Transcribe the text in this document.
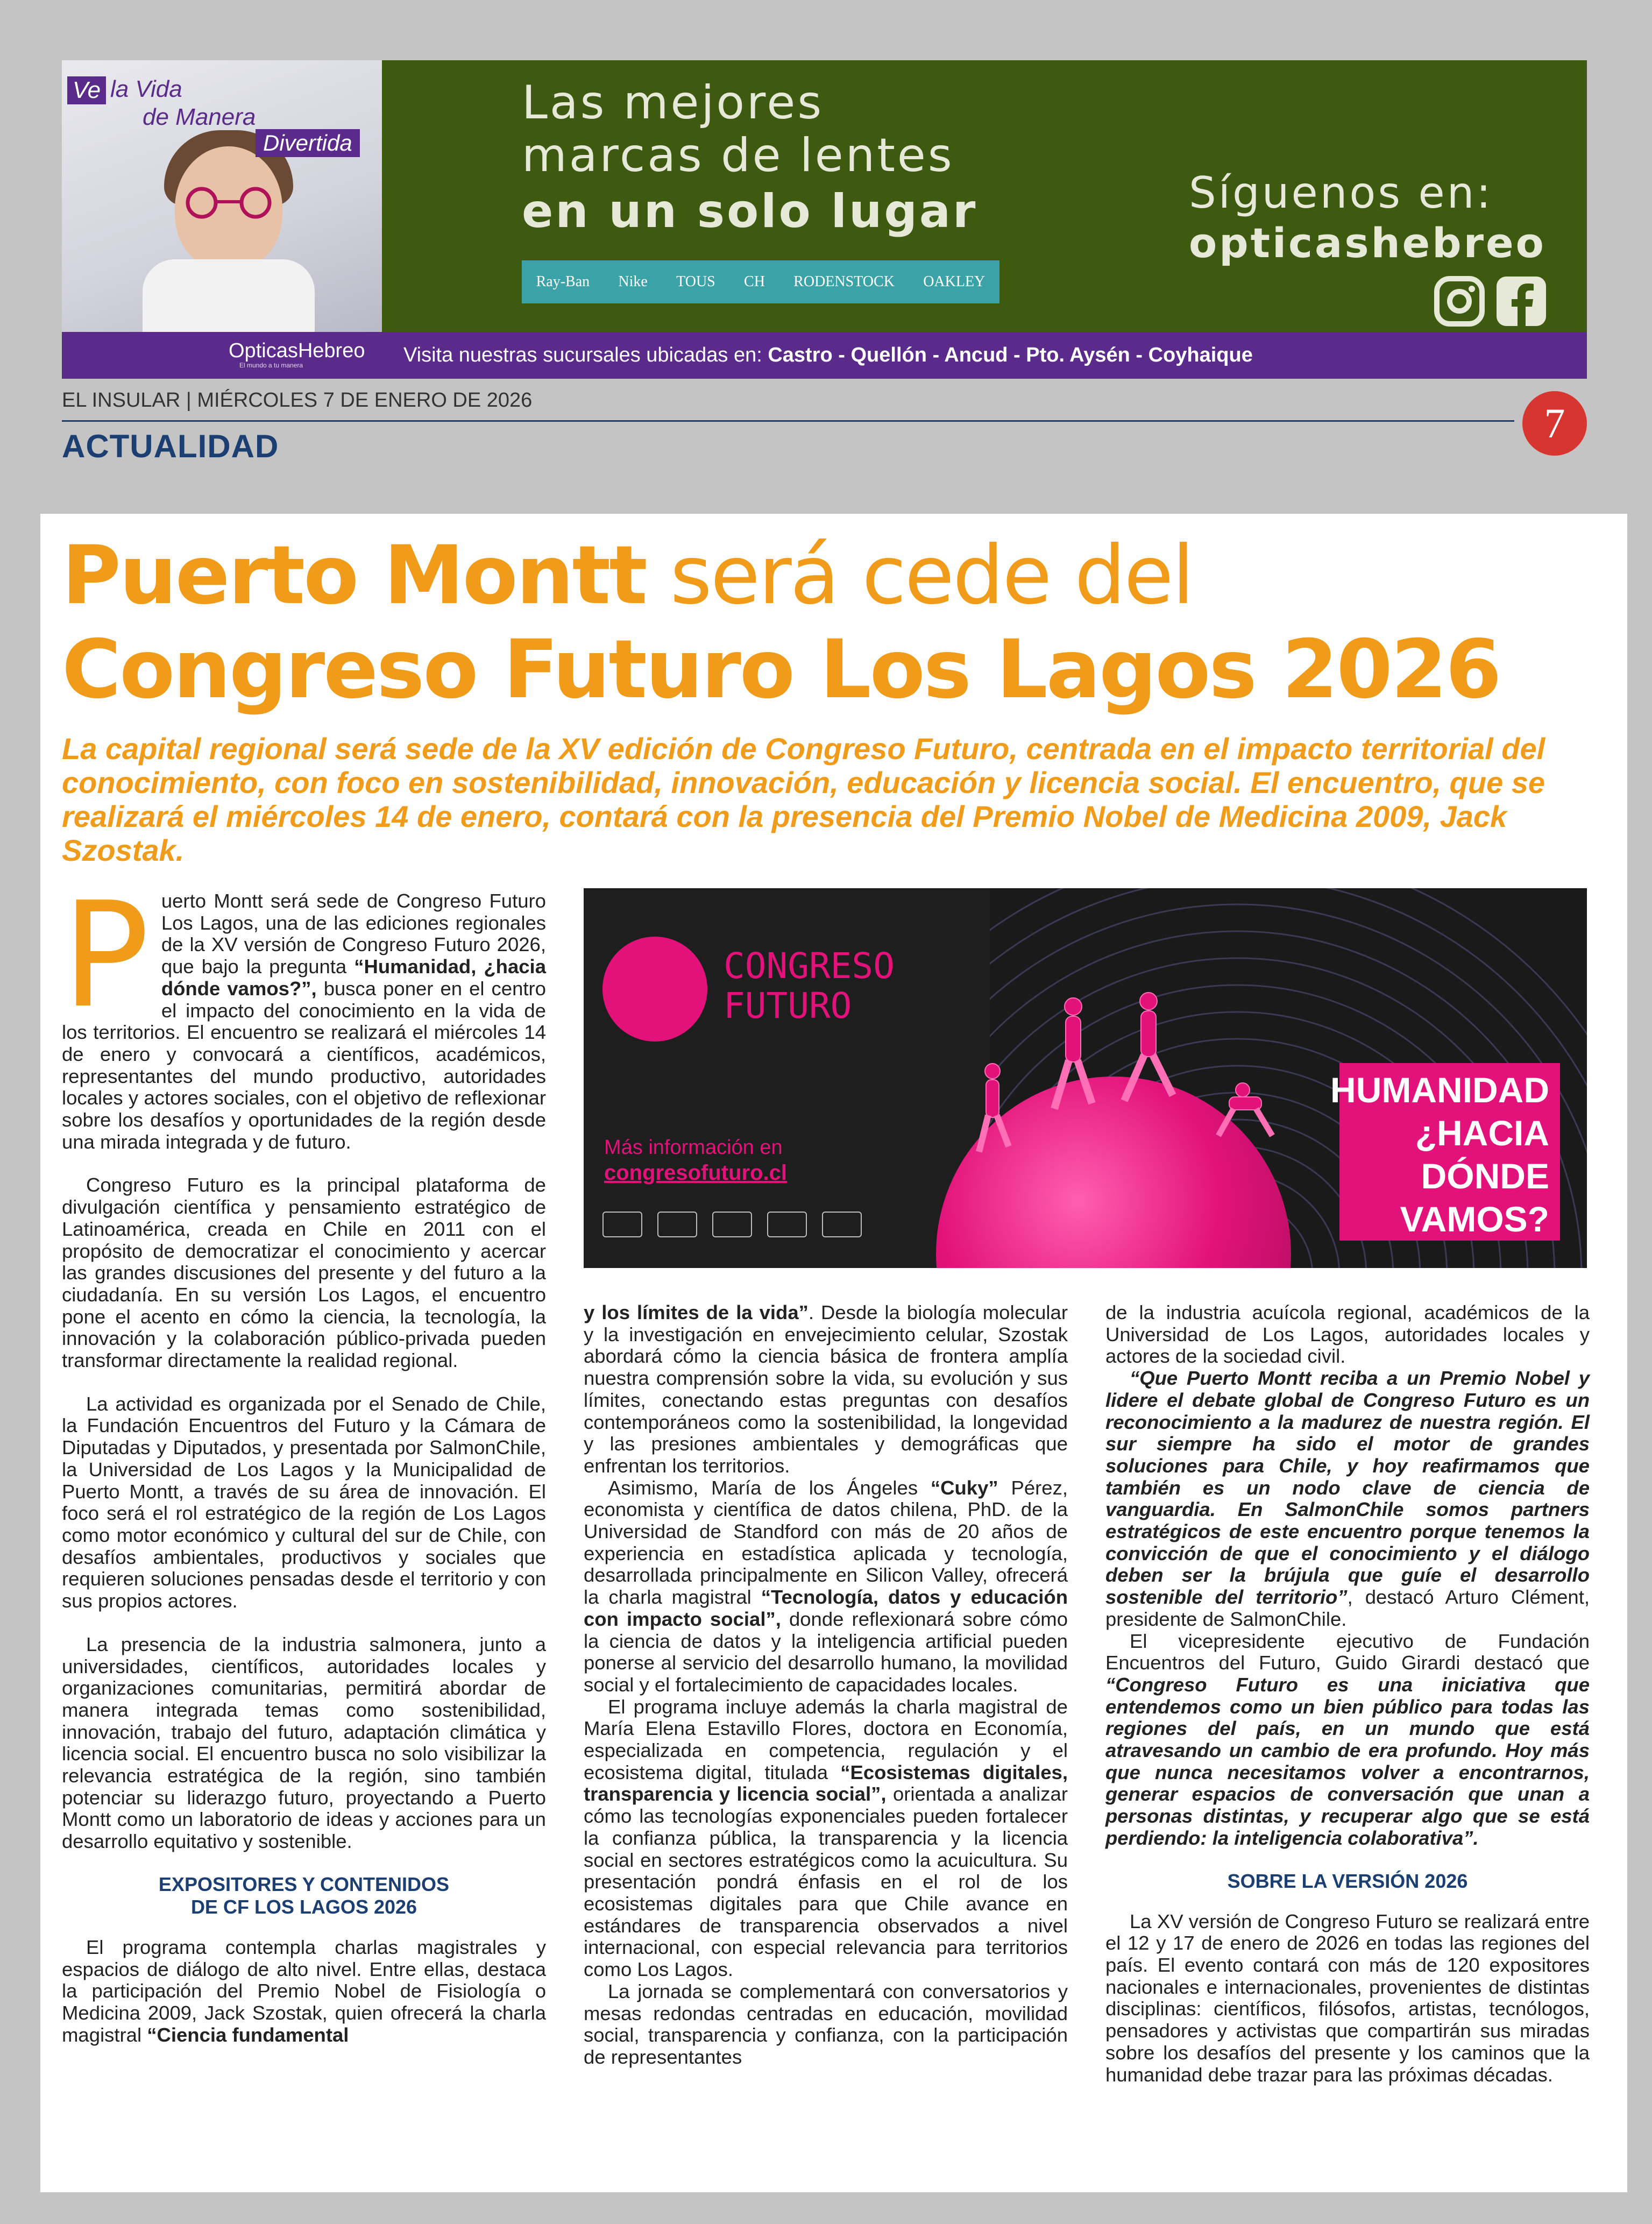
Ve la Vida
de Manera
Divertida
OpticasHebreo
El mundo a tu manera	Visita nuestras sucursales ubicadas en: Castro - Quellón - Ancud - Pto. Aysén - Coyhaique
Las mejores
marcas de lentes
en un solo lugar
Ray-Ban Nike TOUS CH RODENSTOCK OAKLEY
Síguenos en:
opticashebreo
EL INSULAR | MIÉRCOLES 7 DE ENERO DE 2026	7
ACTUALIDAD
Puerto Montt será cede del
Congreso Futuro Los Lagos 2026
La capital regional será sede de la XV edición de Congreso Futuro, centrada en el impacto territorial del conocimiento, con foco en sostenibilidad, innovación, educación y licencia social. El encuentro, que se realizará el miércoles 14 de enero, contará con la presencia del Premio Nobel de Medicina 2009, Jack Szostak.

Puerto Montt será sede de Congreso Futuro Los Lagos, una de las ediciones regionales de la XV versión de Congreso Futuro 2026, que bajo la pregunta “Humanidad, ¿hacia dónde vamos?”, busca poner en el centro el impacto del conocimiento en la vida de los territorios. El encuentro se realizará el miércoles 14 de enero y convocará a científicos, académicos, representantes del mundo productivo, autoridades locales y actores sociales, con el objetivo de reflexionar sobre los desafíos y oportunidades de la región desde una mirada integrada y de futuro.

Congreso Futuro es la principal plataforma de divulgación científica y pensamiento estratégico de Latinoamérica, creada en Chile en 2011 con el propósito de democratizar el conocimiento y acercar las grandes discusiones del presente y del futuro a la ciudadanía. En su versión Los Lagos, el encuentro pone el acento en cómo la ciencia, la tecnología, la innovación y la colaboración público-privada pueden transformar directamente la realidad regional.

La actividad es organizada por el Senado de Chile, la Fundación Encuentros del Futuro y la Cámara de Diputadas y Diputados, y presentada por SalmonChile, la Universidad de Los Lagos y la Municipalidad de Puerto Montt, a través de su área de innovación. El foco será el rol estratégico de la región de Los Lagos como motor económico y cultural del sur de Chile, con desafíos ambientales, productivos y sociales que requieren soluciones pensadas desde el territorio y con sus propios actores.

La presencia de la industria salmonera, junto a universidades, científicos, autoridades locales y organizaciones comunitarias, permitirá abordar de manera integrada temas como sostenibilidad, innovación, trabajo del futuro, adaptación climática y licencia social. El encuentro busca no solo visibilizar la relevancia estratégica de la región, sino también potenciar su liderazgo futuro, proyectando a Puerto Montt como un laboratorio de ideas y acciones para un desarrollo equitativo y sostenible.

EXPOSITORES Y CONTENIDOS
DE CF LOS LAGOS 2026

El programa contempla charlas magistrales y espacios de diálogo de alto nivel. Entre ellas, destaca la participación del Premio Nobel de Fisiología o Medicina 2009, Jack Szostak, quien ofrecerá la charla magistral “Ciencia fundamental

CONGRESO
FUTURO
Más información en
congresofuturo.cl
HUMANIDAD
¿HACIA
DÓNDE
VAMOS?

y los límites de la vida”. Desde la biología molecular y la investigación en envejecimiento celular, Szostak abordará cómo la ciencia básica de frontera amplía nuestra comprensión sobre la vida, su evolución y sus límites, conectando estas preguntas con desafíos contemporáneos como la sostenibilidad, la longevidad y las presiones ambientales y demográficas que enfrentan los territorios.

Asimismo, María de los Ángeles “Cuky” Pérez, economista y científica de datos chilena, PhD. de la Universidad de Standford con más de 20 años de experiencia en estadística aplicada y tecnología, desarrollada principalmente en Silicon Valley, ofrecerá la charla magistral “Tecnología, datos y educación con impacto social”, donde reflexionará sobre cómo la ciencia de datos y la inteligencia artificial pueden ponerse al servicio del desarrollo humano, la movilidad social y el fortalecimiento de capacidades locales.

El programa incluye además la charla magistral de María Elena Estavillo Flores, doctora en Economía, especializada en competencia, regulación y el ecosistema digital, titulada “Ecosistemas digitales, transparencia y licencia social”, orientada a analizar cómo las tecnologías exponenciales pueden fortalecer la confianza pública, la transparencia y la licencia social en sectores estratégicos como la acuicultura. Su presentación pondrá énfasis en el rol de los ecosistemas digitales para que Chile avance en estándares de transparencia observados a nivel internacional, con especial relevancia para territorios como Los Lagos.

La jornada se complementará con conversatorios y mesas redondas centradas en educación, movilidad social, transparencia y confianza, con la participación de representantes

de la industria acuícola regional, académicos de la Universidad de Los Lagos, autoridades locales y actores de la sociedad civil.

“Que Puerto Montt reciba a un Premio Nobel y lidere el debate global de Congreso Futuro es un reconocimiento a la madurez de nuestra región. El sur siempre ha sido el motor de grandes soluciones para Chile, y hoy reafirmamos que también es un nodo clave de ciencia de vanguardia. En SalmonChile somos partners estratégicos de este encuentro porque tenemos la convicción de que el conocimiento y el diálogo deben ser la brújula que guíe el desarrollo sostenible del territorio”, destacó Arturo Clément, presidente de SalmonChile.

El vicepresidente ejecutivo de Fundación Encuentros del Futuro, Guido Girardi destacó que “Congreso Futuro es una iniciativa que entendemos como un bien público para todas las regiones del país, en un mundo que está atravesando un cambio de era profundo. Hoy más que nunca necesitamos volver a encontrarnos, generar espacios de conversación que unan a personas distintas, y recuperar algo que se está perdiendo: la inteligencia colaborativa”.

SOBRE LA VERSIÓN 2026

La XV versión de Congreso Futuro se realizará entre el 12 y 17 de enero de 2026 en todas las regiones del país. El evento contará con más de 120 expositores nacionales e internacionales, provenientes de distintas disciplinas: científicos, filósofos, artistas, tecnólogos, pensadores y activistas que compartirán sus miradas sobre los desafíos del presente y los caminos que la humanidad debe trazar para las próximas décadas.
